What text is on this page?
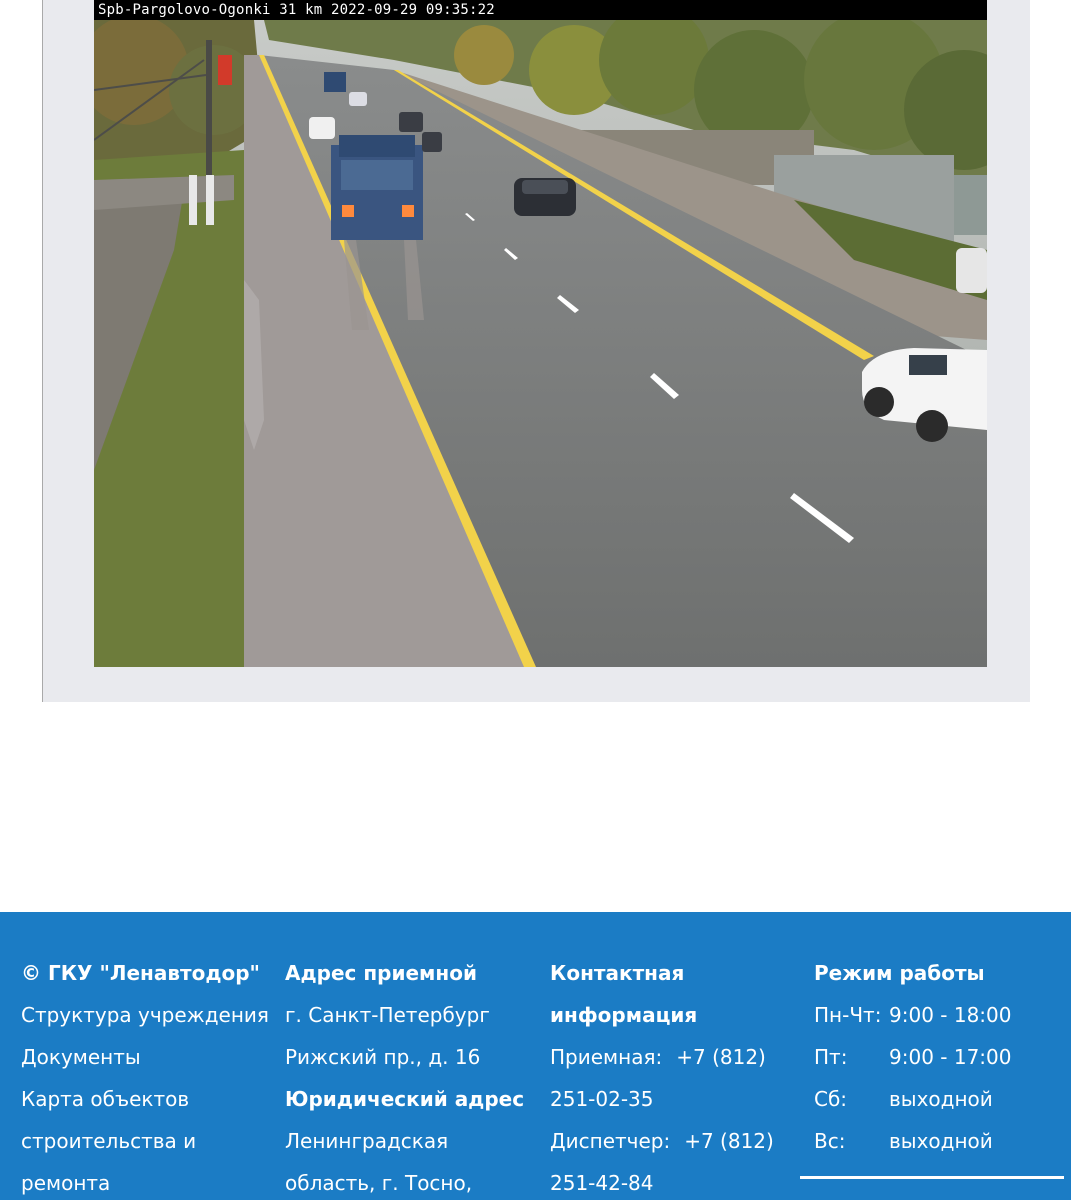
Spb-Pargolovo-Ogonki 31 km 2022-09-29 09:35:22
© ГКУ "Ленавтодор"
Структура учреждения
Документы
Карта объектов
строительства и
ремонта
Адрес приемной
г. Санкт-Петербург
Рижский пр., д. 16
Юридический адрес
Ленинградская
область, г. Тосно,
Контактная
информация
Приемная: +7 (812)
251-02-35
Диспетчер: +7 (812)
251-42-84
Режим работы
Пн-Чт: 9:00 - 18:00
Пт: 9:00 - 17:00
Сб: выходной
Вс: выходной
